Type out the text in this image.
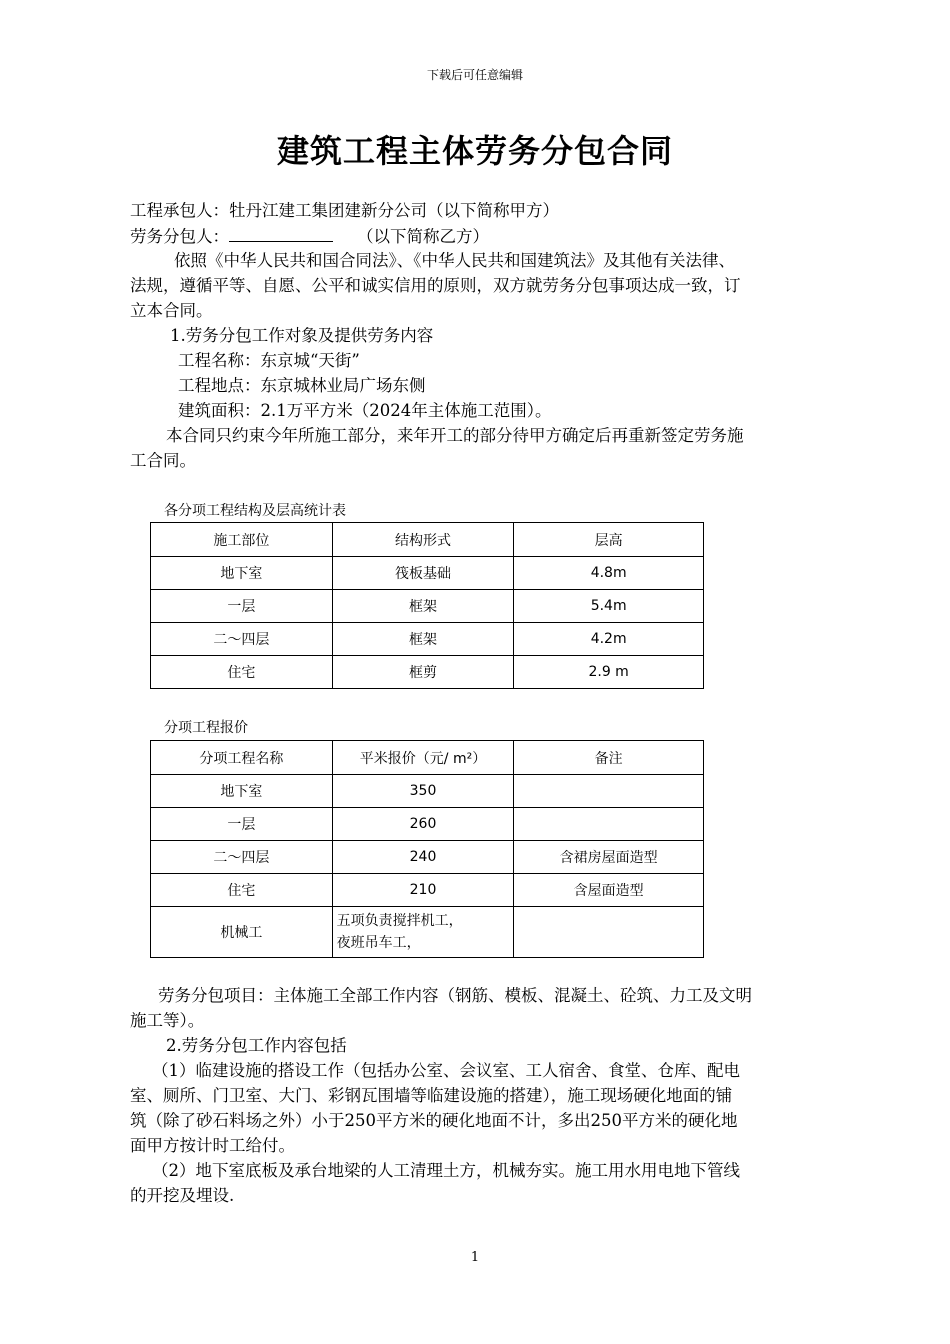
下载后可任意编辑
建筑工程主体劳务分包合同
工程承包人：牡丹江建工集团建新分公司（以下简称甲方）
劳务分包人：	（以下简称乙方）
依照《中华人民共和国合同法》、《中华人民共和国建筑法》及其他有关法律、
法规，遵循平等、自愿、公平和诚实信用的原则，双方就劳务分包事项达成一致，订
立本合同。
1.劳务分包工作对象及提供劳务内容
工程名称：东京城“天街”
工程地点：东京城林业局广场东侧
建筑面积：2.1万平方米（2024年主体施工范围）。
本合同只约束今年所施工部分，来年开工的部分待甲方确定后再重新签定劳务施
工合同。
各分项工程结构及层高统计表
施工部位	结构形式	层高
地下室	筏板基础	4.8m
一层	框架	5.4m
二～四层	框架	4.2m
住宅	框剪	2.9 m
分项工程报价
分项工程名称	平米报价（元/ m²）	备注
地下室	350	
一层	260	
二～四层	240	含裙房屋面造型
住宅	210	含屋面造型
机械工	五项负责搅拌机工，
夜班吊车工，	

劳务分包项目：主体施工全部工作内容（钢筋、模板、混凝土、砼筑、力工及文明
施工等）。
2.劳务分包工作内容包括
（1）临建设施的搭设工作（包括办公室、会议室、工人宿舍、食堂、仓库、配电
室、厕所、门卫室、大门、彩钢瓦围墙等临建设施的搭建），施工现场硬化地面的铺
筑（除了砂石料场之外）小于250平方米的硬化地面不计，多出250平方米的硬化地
面甲方按计时工给付。
（2）地下室底板及承台地梁的人工清理土方，机械夯实。施工用水用电地下管线
的开挖及埋设.
1
